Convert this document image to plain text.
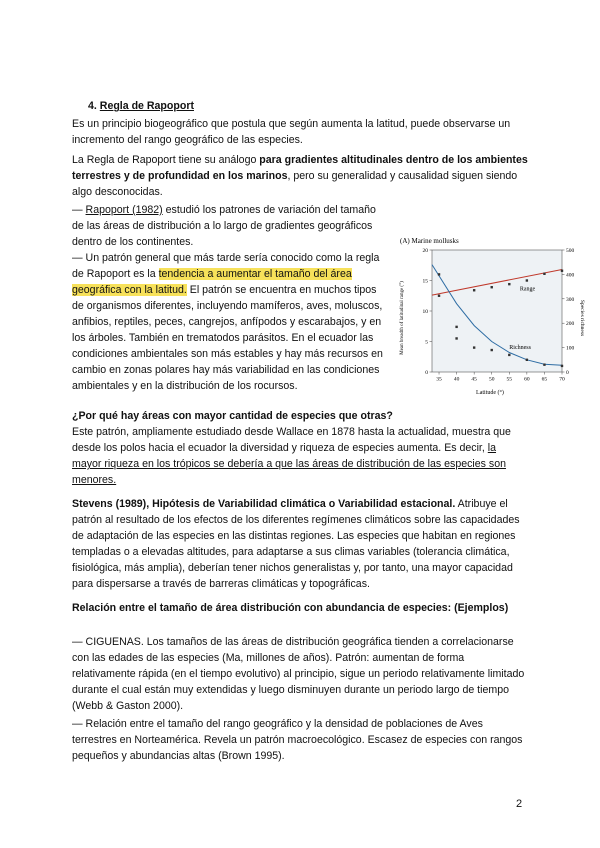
4. Regla de Rapoport

Es un principio biogeográfico que postula que según aumenta la latitud, puede observarse un incremento del rango geográfico de las especies.

La Regla de Rapoport tiene su análogo para gradientes altitudinales dentro de los ambientes terrestres y de profundidad en los marinos, pero su generalidad y causalidad siguen siendo algo desconocidas.

— Rapoport (1982) estudió los patrones de variación del tamaño de las áreas de distribución a lo largo de gradientes geográficos dentro de los continentes.

— Un patrón general que más tarde sería conocido como la regla de Rapoport es la tendencia a aumentar el tamaño del área geográfica con la latitud. El patrón se encuentra en muchos tipos de organismos diferentes, incluyendo mamíferos, aves, moluscos, anfibios, reptiles, peces, cangrejos, anfípodos y escarabajos, y en los árboles. También en trematodos parásitos. En el ecuador las condiciones ambientales son más estables y hay más recursos en cambio en zonas polares hay más variabilidad en las condiciones ambientales y en la distribución de los rocursos.

(A) Marine mollusks
35 40 45 50 55 60 65 70
0
5
10
15
20
0
100
200
300
400
500
Range
Richness
Latitude (°)
Mean breadth of latitudinal range (°)	Species richness

¿Por qué hay áreas con mayor cantidad de especies que otras?

Este patrón, ampliamente estudiado desde Wallace en 1878 hasta la actualidad, muestra que desde los polos hacia el ecuador la diversidad y riqueza de especies aumenta. Es decir, la mayor riqueza en los trópicos se debería a que las áreas de distribución de las especies son menores.

Stevens (1989), Hipótesis de Variabilidad climática o Variabilidad estacional. Atribuye el patrón al resultado de los efectos de los diferentes regímenes climáticos sobre las capacidades de adaptación de las especies en las distintas regiones. Las especies que habitan en regiones templadas o a elevadas altitudes, para adaptarse a sus climas variables (tolerancia climática, fisiológica, más amplia), deberían tener nichos generalistas y, por tanto, una mayor capacidad para dispersarse a través de barreras climáticas y topográficas.

Relación entre el tamaño de área distribución con abundancia de especies: (Ejemplos)

— CIGUENAS. Los tamaños de las áreas de distribución geográfica tienden a correlacionarse con las edades de las especies (Ma, millones de años). Patrón: aumentan de forma relativamente rápida (en el tiempo evolutivo) al principio, sigue un periodo relativamente limitado durante el cual están muy extendidas y luego disminuyen durante un periodo largo de tiempo (Webb & Gaston 2000).

— Relación entre el tamaño del rango geográfico y la densidad de poblaciones de Aves terrestres en Norteamérica. Revela un patrón macroecológico. Escasez de especies con rangos pequeños y abundancias altas (Brown 1995).

2
